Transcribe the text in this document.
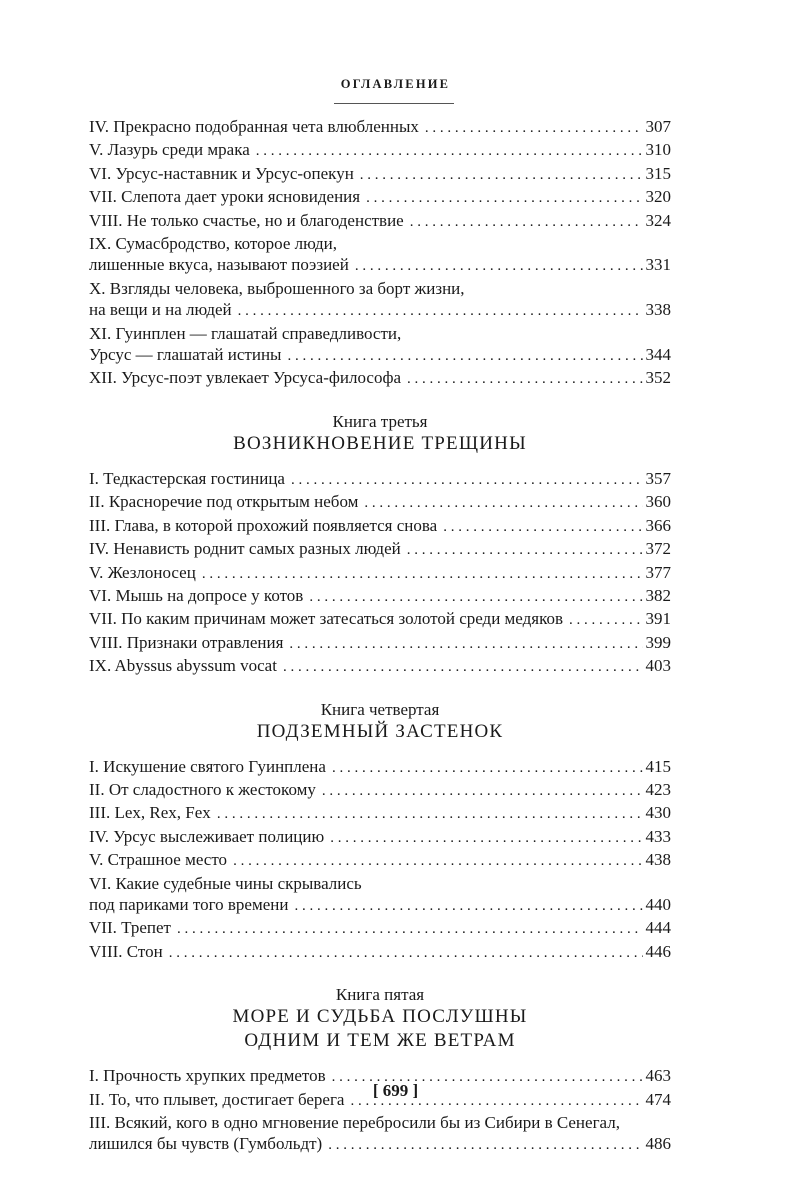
ОГЛАВЛЕНИЕ
IV. Прекрасно подобранная чета влюбленных . . .	307
V. Лазурь среди мрака . . .	310
VI. Урсус-наставник и Урсус-опекун . . .	315
VII. Слепота дает уроки ясновидения . . .	320
VIII. Не только счастье, но и благоденствие . . .	324
IX. Сумасбродство, которое люди,
лишенные вкуса, называют поэзией . . .	331
X. Взгляды человека, выброшенного за борт жизни,
на вещи и на людей . . .	338
XI. Гуинплен — глашатай справедливости,
Урсус — глашатай истины . . .	344
XII. Урсус-поэт увлекает Урсуса-философа . . .	352
Книга третья
ВОЗНИКНОВЕНИЕ ТРЕЩИНЫ
I. Тедкастерская гостиница . . .	357
II. Красноречие под открытым небом . . .	360
III. Глава, в которой прохожий появляется снова . . .	366
IV. Ненависть роднит самых разных людей . . .	372
V. Жезлоносец . . .	377
VI. Мышь на допросе у котов . . .	382
VII. По каким причинам может затесаться золотой среди медяков . . .	391
VIII. Признаки отравления . . .	399
IX. Abyssus abyssum vocat . . .	403
Книга четвертая
ПОДЗЕМНЫЙ ЗАСТЕНОК
I. Искушение святого Гуинплена . . .	415
II. От сладостного к жестокому . . .	423
III. Lex, Rex, Fex . . .	430
IV. Урсус выслеживает полицию . . .	433
V. Страшное место . . .	438
VI. Какие судебные чины скрывались
под париками того времени . . .	440
VII. Трепет . . .	444
VIII. Стон . . .	446
Книга пятая
МОРЕ И СУДЬБА ПОСЛУШНЫ
ОДНИМ И ТЕМ ЖЕ ВЕТРАМ
I. Прочность хрупких предметов . . .	463
II. То, что плывет, достигает берега . . .	474
III. Всякий, кого в одно мгновение перебросили бы из Сибири в Сенегал,
лишился бы чувств (Гумбольдт) . . .	486
[ 699 ]
